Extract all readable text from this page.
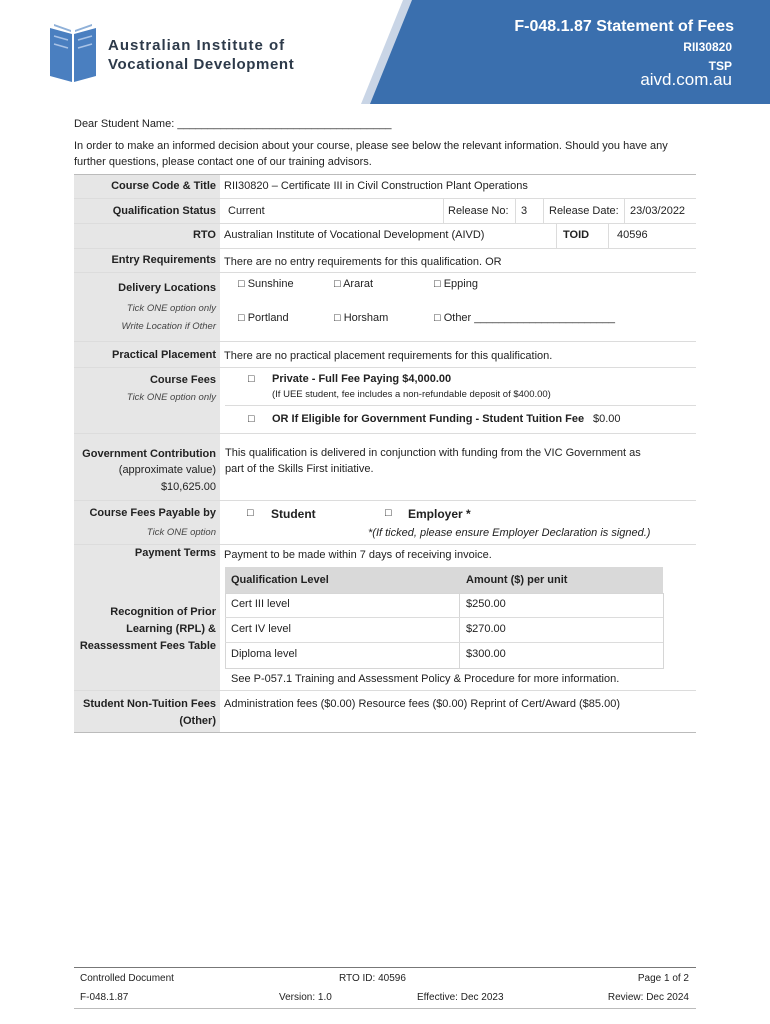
F-048.1.87 Statement of Fees
RII30820
TSP
aivd.com.au
Australian Institute of
Vocational Development
Dear Student Name: ___________________________________
In order to make an informed decision about your course, please see below the relevant information. Should you have any further questions, please contact one of our training advisors.
Course Code & Title RII30820 – Certificate III in Civil Construction Plant Operations
Qualification Status Current	Release No: 3 Release Date: 23/03/2022
RTO Australian Institute of Vocational Development (AIVD)	TOID	40596
Entry Requirements There are no entry requirements for this qualification. OR
Delivery Locations
Tick ONE option only
Write Location if Other
□ Sunshine	□ Ararat	□ Epping
□ Portland	□ Horsham	□ Other _______________________
Practical Placement There are no practical placement requirements for this qualification.
Course Fees
Tick ONE option only
□ Private - Full Fee Paying $4,000.00
(If UEE student, fee includes a non-refundable deposit of $400.00)
□ OR If Eligible for Government Funding - Student Tuition Fee $0.00
Government Contribution
(approximate value)
$10,625.00
This qualification is delivered in conjunction with funding from the VIC Government as
part of the Skills First initiative.
Course Fees Payable by
Tick ONE option
□ Student	□ Employer *
*(If ticked, please ensure Employer Declaration is signed.)
Payment Terms Payment to be made within 7 days of receiving invoice.
Recognition of Prior
Learning (RPL) &
Reassessment Fees Table
Qualification Level	Amount ($) per unit
Cert III level	$250.00
Cert IV level	$270.00
Diploma level	$300.00
See P-057.1 Training and Assessment Policy & Procedure for more information.
Student Non-Tuition Fees
(Other)
Administration fees ($0.00) Resource fees ($0.00) Reprint of Cert/Award ($85.00)
Controlled Document	RTO ID: 40596	Page 1 of 2
F-048.1.87	Version: 1.0	Effective: Dec 2023	Review: Dec 2024
